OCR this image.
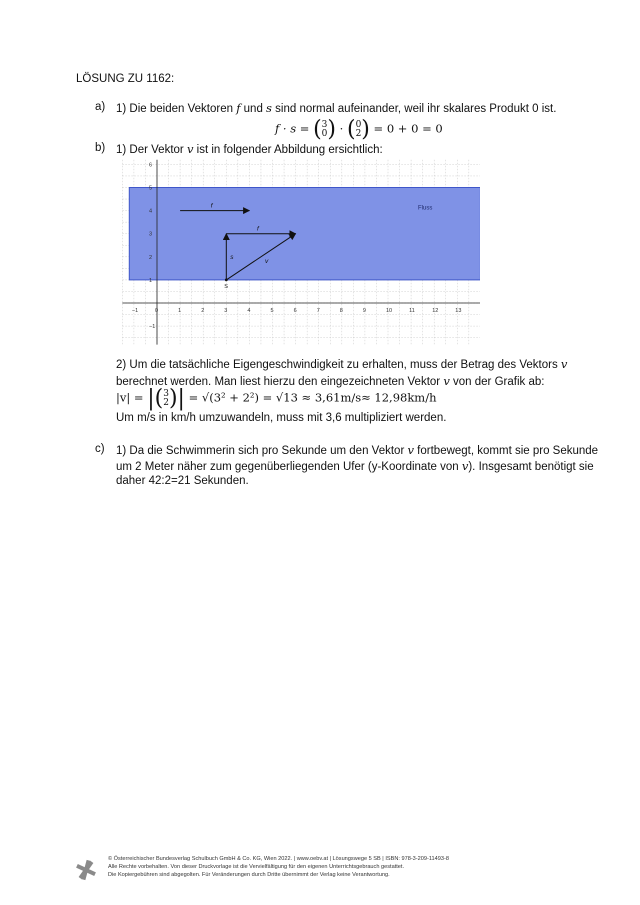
LÖSUNG ZU 1162:
a) 1) Die beiden Vektoren f und s sind normal aufeinander, weil ihr skalares Produkt 0 ist.
f · s = (3
0) · (0
2) = 0 + 0 = 0
b) 1) Der Vektor v ist in folgender Abbildung ersichtlich:
Fluss
−1	0	1	2	3	4	5	6	7	8	9	10	11	12	13
6
5
4
3
2
1
−1
f
f
s
v
S
2) Um die tatsächliche Eigengeschwindigkeit zu erhalten, muss der Betrag des Vektors v
berechnet werden. Man liest hierzu den eingezeichneten Vektor v von der Grafik ab:
|v| = |(3
2)| = √(3² + 2²) = √13 ≈ 3,61m/s≈ 12,98km/h
Um m/s in km/h umzuwandeln, muss mit 3,6 multipliziert werden.
c) 1) Da die Schwimmerin sich pro Sekunde um den Vektor v fortbewegt, kommt sie pro Sekunde
um 2 Meter näher zum gegenüberliegenden Ufer (y-Koordinate von v). Insgesamt benötigt sie
daher 42:2=21 Sekunden.
© Österreichischer Bundesverlag Schulbuch GmbH & Co. KG, Wien 2022. | www.oebv.at | Lösungswege 5 SB | ISBN: 978-3-209-11493-8
Alle Rechte vorbehalten. Von dieser Druckvorlage ist die Vervielfältigung für den eigenen Unterrichtsgebrauch gestattet.
Die Kopiergebühren sind abgegolten. Für Veränderungen durch Dritte übernimmt der Verlag keine Verantwortung.
